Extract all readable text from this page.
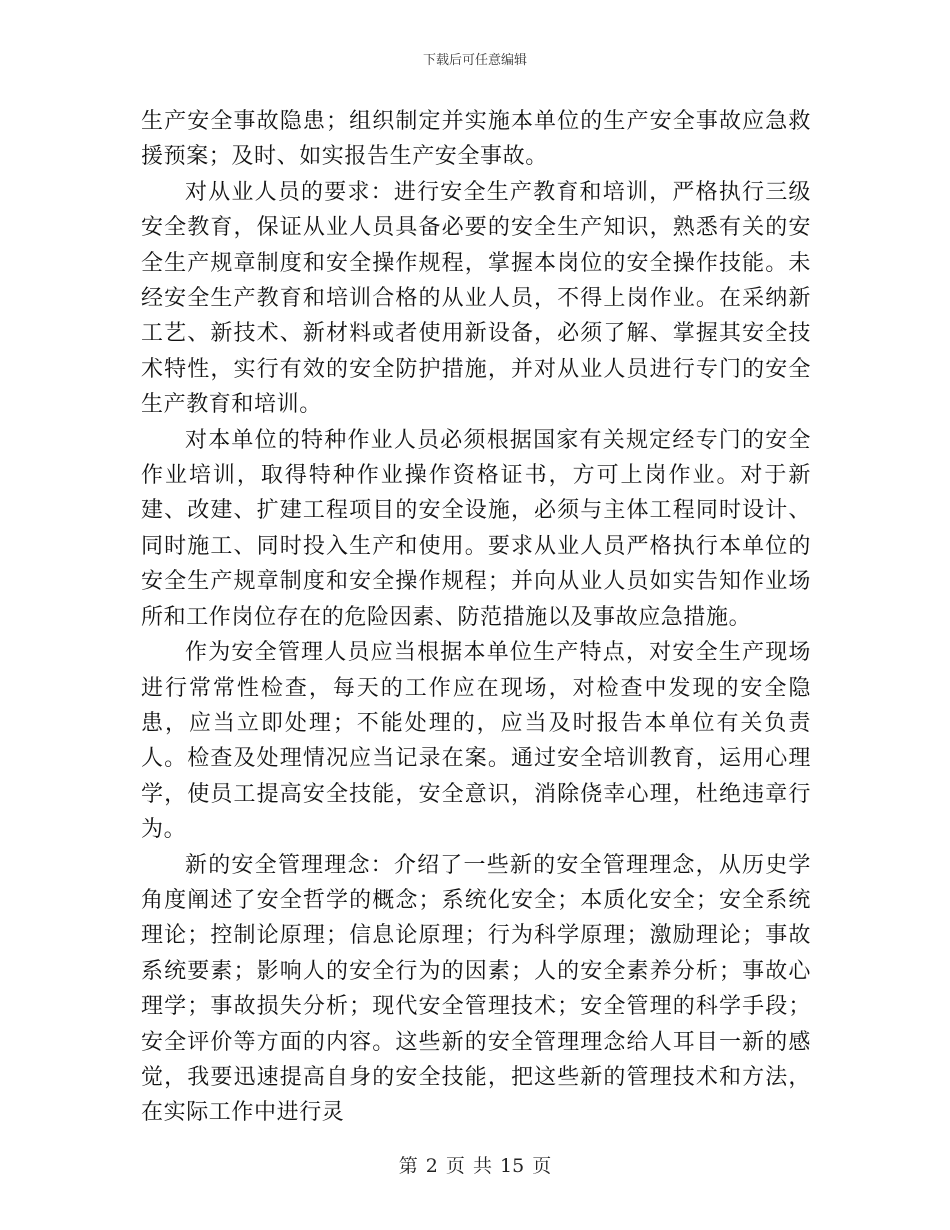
下载后可任意编辑

生产安全事故隐患；组织制定并实施本单位的生产安全事故应急救援预案；及时、如实报告生产安全事故。

对从业人员的要求：进行安全生产教育和培训，严格执行三级安全教育，保证从业人员具备必要的安全生产知识，熟悉有关的安全生产规章制度和安全操作规程，掌握本岗位的安全操作技能。未经安全生产教育和培训合格的从业人员，不得上岗作业。在采纳新工艺、新技术、新材料或者使用新设备，必须了解、掌握其安全技术特性，实行有效的安全防护措施，并对从业人员进行专门的安全生产教育和培训。

对本单位的特种作业人员必须根据国家有关规定经专门的安全作业培训，取得特种作业操作资格证书，方可上岗作业。对于新建、改建、扩建工程项目的安全设施，必须与主体工程同时设计、同时施工、同时投入生产和使用。要求从业人员严格执行本单位的安全生产规章制度和安全操作规程；并向从业人员如实告知作业场所和工作岗位存在的危险因素、防范措施以及事故应急措施。

作为安全管理人员应当根据本单位生产特点，对安全生产现场进行常常性检查，每天的工作应在现场，对检查中发现的安全隐患，应当立即处理；不能处理的，应当及时报告本单位有关负责人。检查及处理情况应当记录在案。通过安全培训教育，运用心理学，使员工提高安全技能，安全意识，消除侥幸心理，杜绝违章行为。

新的安全管理理念：介绍了一些新的安全管理理念，从历史学角度阐述了安全哲学的概念；系统化安全；本质化安全；安全系统理论；控制论原理；信息论原理；行为科学原理；激励理论；事故系统要素；影响人的安全行为的因素；人的安全素养分析；事故心理学；事故损失分析；现代安全管理技术；安全管理的科学手段；安全评价等方面的内容。这些新的安全管理理念给人耳目一新的感觉，我要迅速提高自身的安全技能，把这些新的管理技术和方法，在实际工作中进行灵

第 2 页 共 15 页
